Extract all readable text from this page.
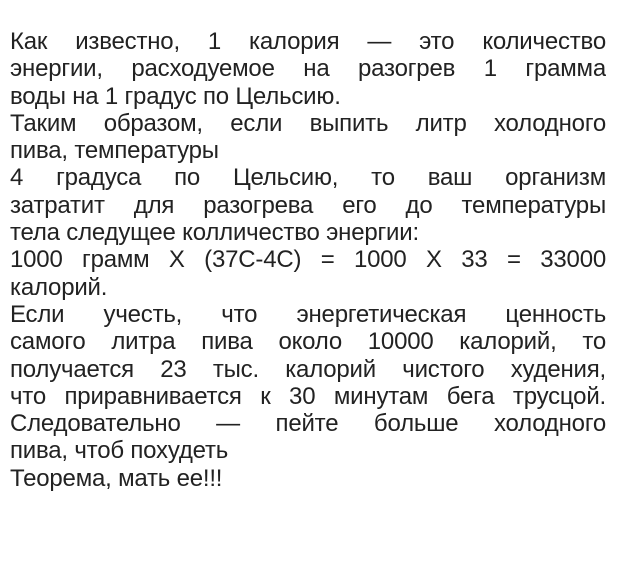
Как известно, 1 калория — это количество
энергии, расходуемое на разогрев 1 грамма
воды на 1 градус по Цельсию.
Таким образом, если выпить литр холодного
пива, температуры
4 градуса по Цельсию, то ваш организм
затратит для разогрева его до температуры
тела следущее колличество энергии:
1000 грамм Х (37С-4С) = 1000 Х 33 = 33000
калорий.
Если учесть, что энергетическая ценность
самого литра пива около 10000 калорий, то
получается 23 тыс. калорий чистого худения,
что приравнивается к 30 минутам бега трусцой.
Следовательно — пейте больше холодного
пива, чтоб похудеть
Теорема, мать ее!!!
